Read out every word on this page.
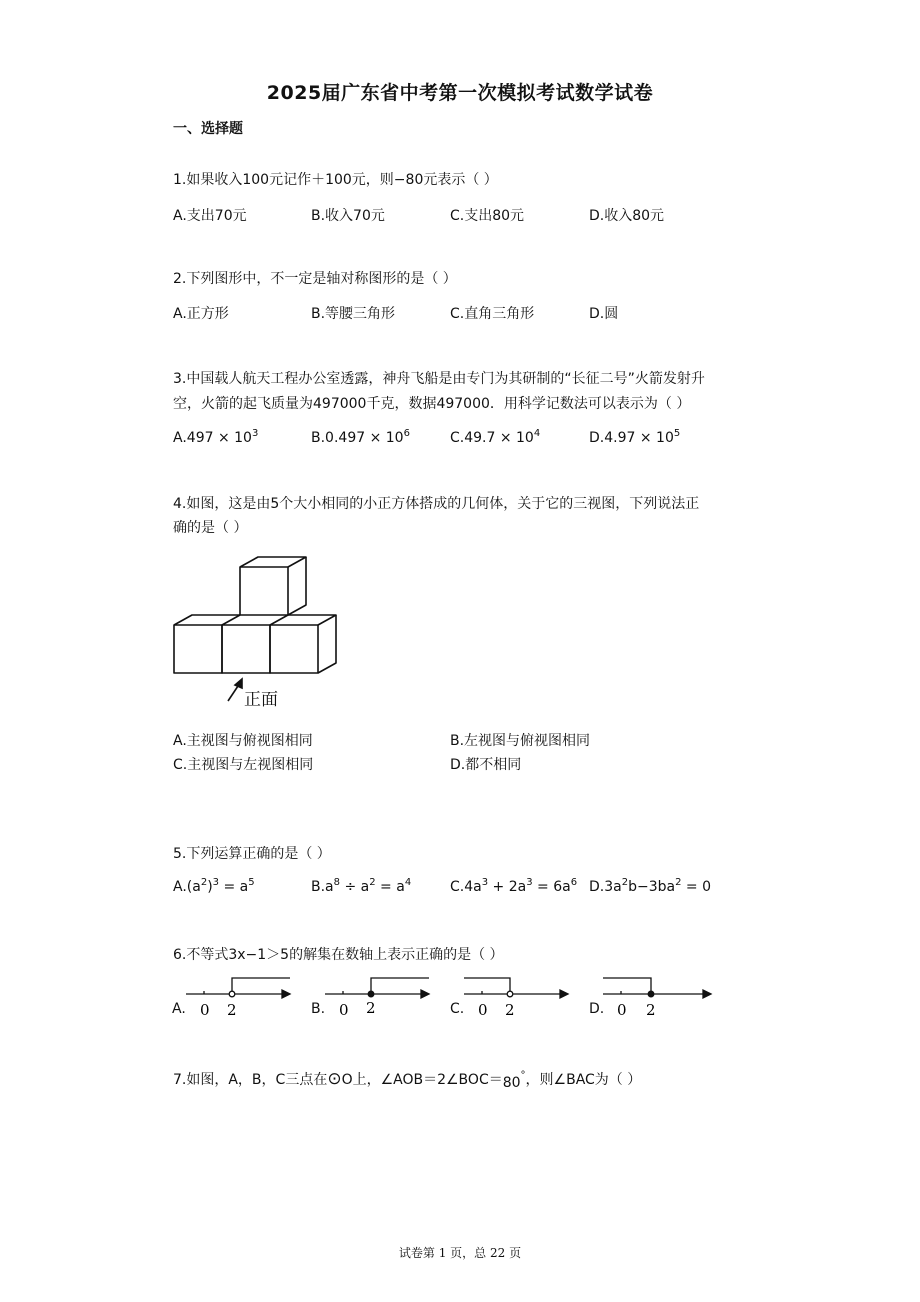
2025届广东省中考第一次模拟考试数学试卷
一、选择题
1.如果收入100元记作＋100元，则−80元表示（ ）
A.支出70元	B.收入70元	C.支出80元	D.收入80元
2.下列图形中，不一定是轴对称图形的是（ ）
A.正方形	B.等腰三角形	C.直角三角形	D.圆
3.中国载人航天工程办公室透露，神舟飞船是由专门为其研制的“长征二号”火箭发射升
空，火箭的起飞质量为497000千克，数据497000．用科学记数法可以表示为（ ）
$A.497 \times 10^3$	$B.0.497 \times 10^6$	$C.49.7 \times 10^4$	$D.4.97 \times 10^5$
4.如图，这是由5个大小相同的小正方体搭成的几何体，关于它的三视图，下列说法正
确的是（ ）
正面
A.主视图与俯视图相同	B.左视图与俯视图相同
C.主视图与左视图相同	D.都不相同
5.下列运算正确的是（ ）
$A.(a^2)^3 = a^5$	$B.a^8 \div a^2 = a^4$	$C.4a^3 + 2a^3 = 6a^6$ $D.3a^2b-3ba^2 = 0$
6.不等式3x−1＞5的解集在数轴上表示正确的是（ ）
A.	B.	C.	D.
0 2	0 2	0 2	0 2
7.如图，A，B，C三点在⊙O上，∠AOB＝2∠BOC＝80°，则∠BAC为（ ）
试卷第 1 页，总 22 页
